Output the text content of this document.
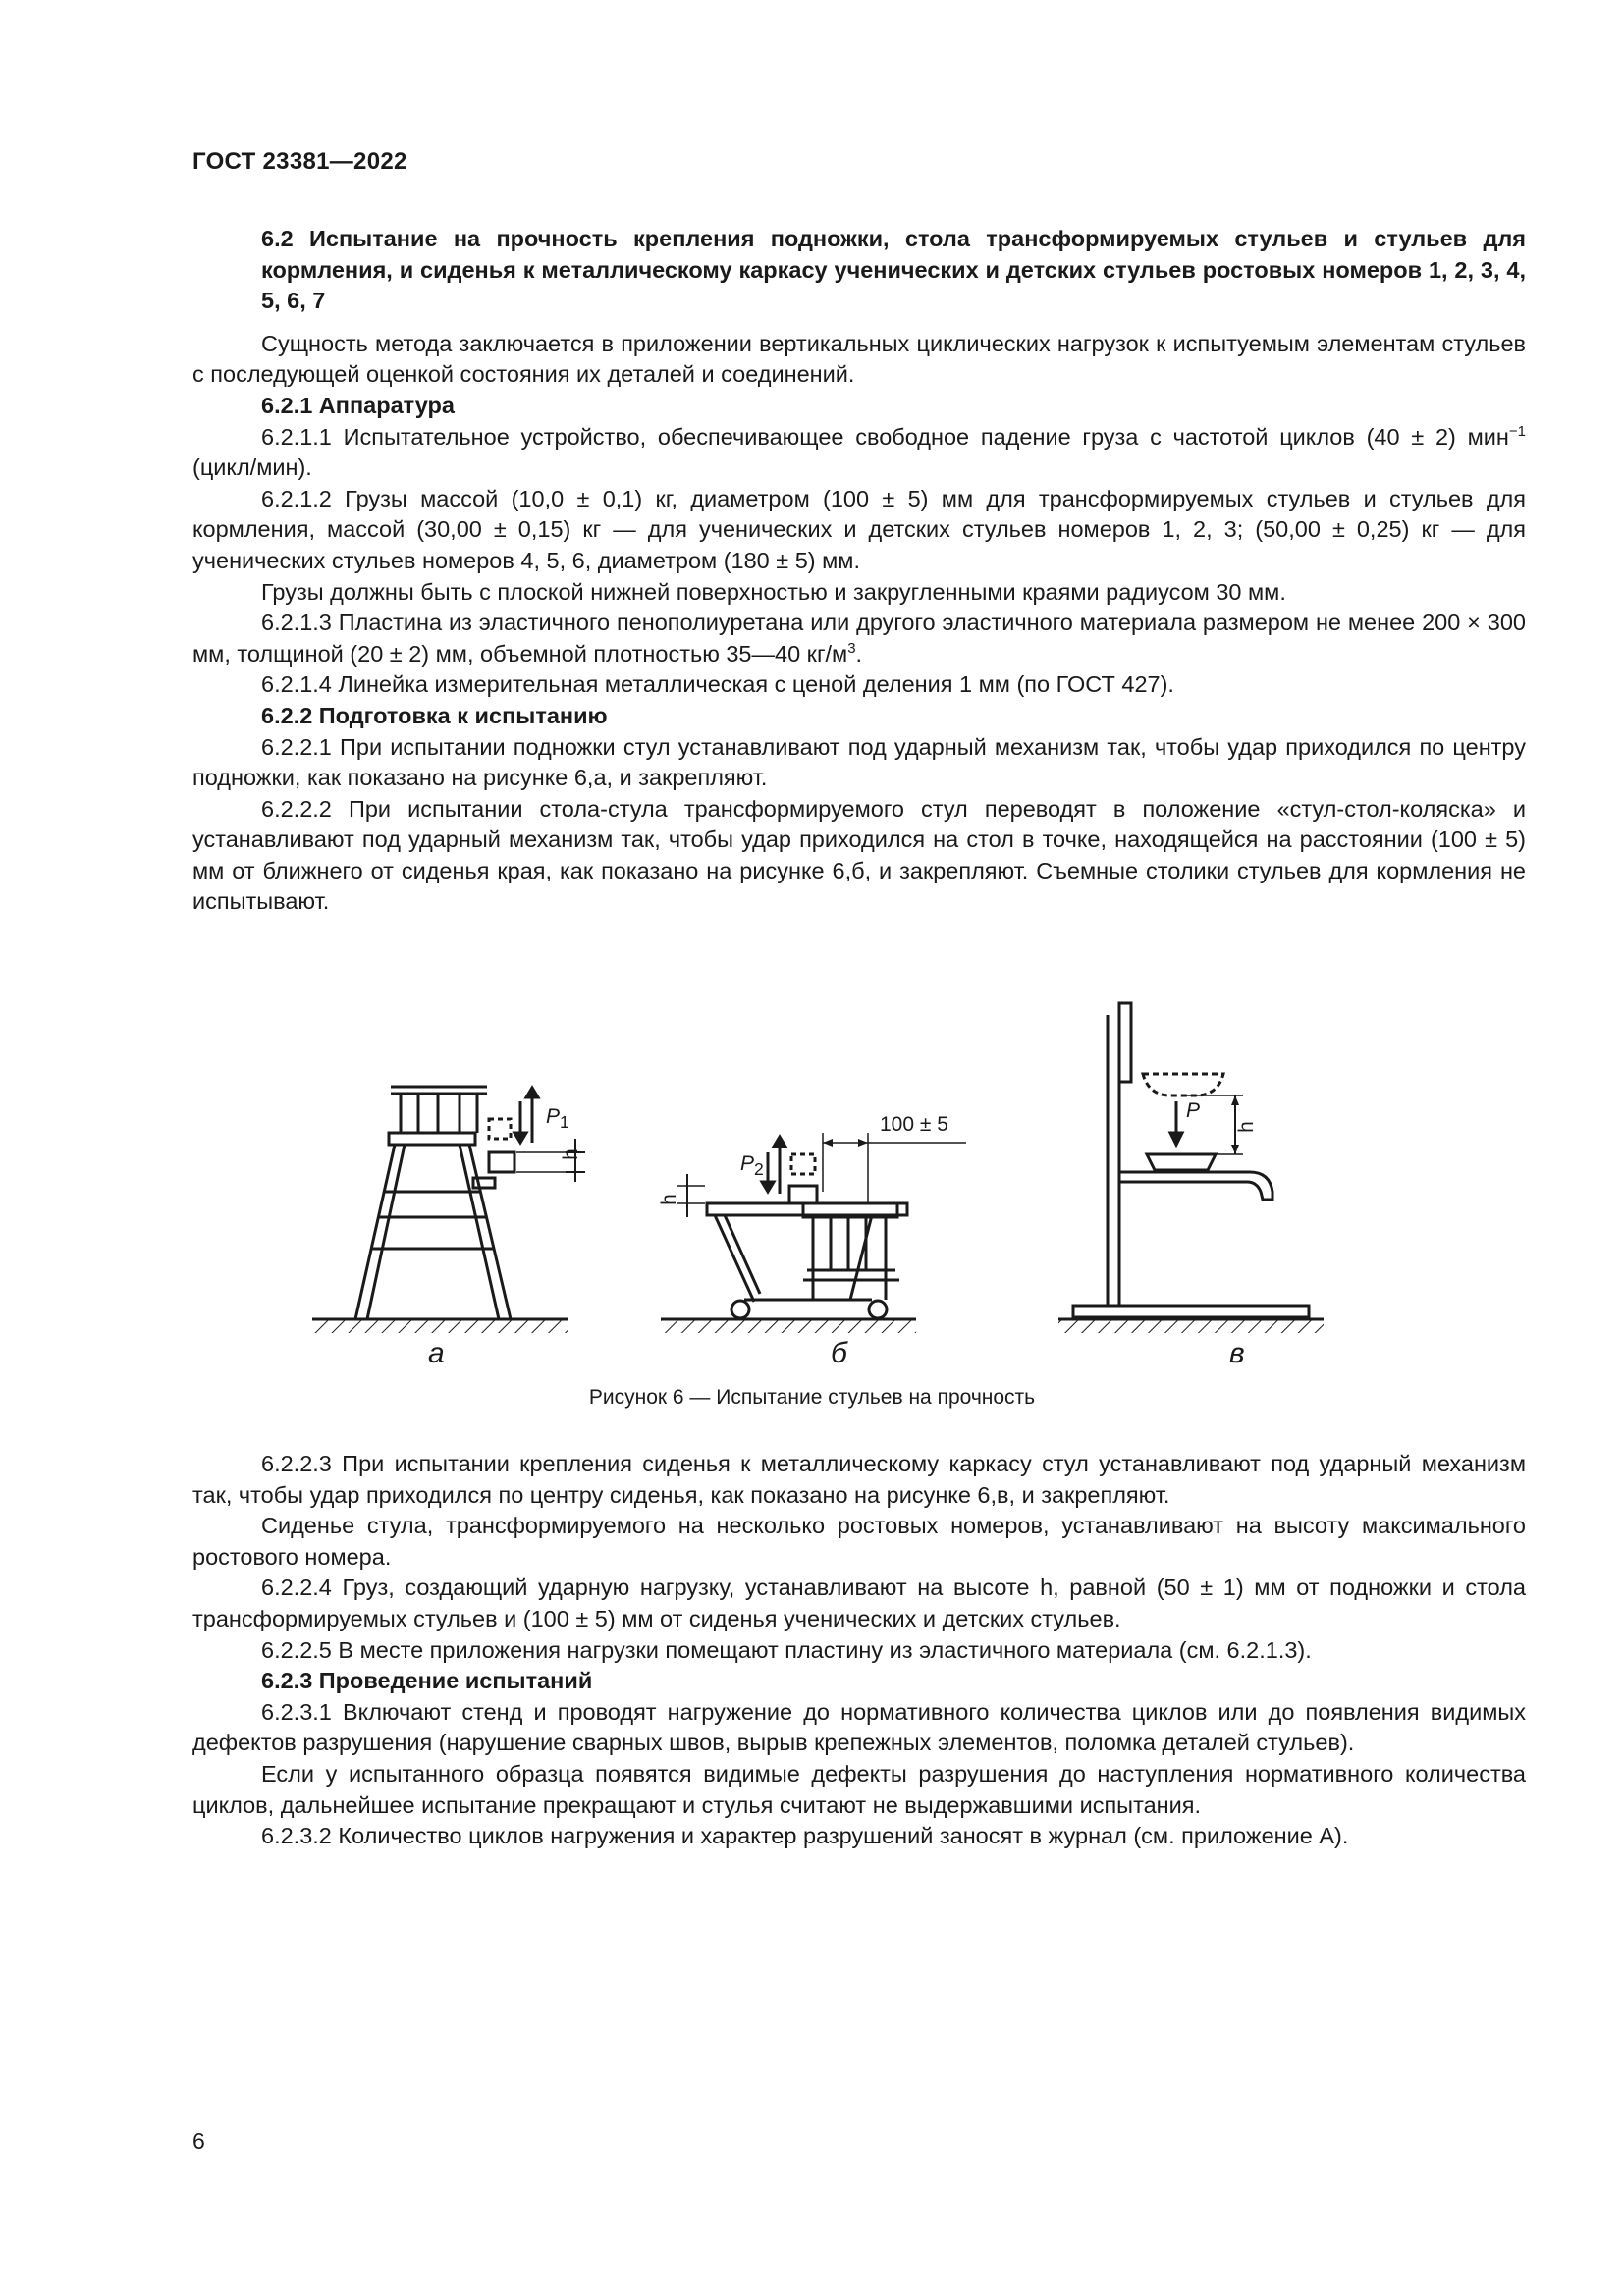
ГОСТ 23381—2022

6.2 Испытание на прочность крепления подножки, стола трансформируемых стульев и стульев для кормления, и сиденья к металлическому каркасу ученических и детских стульев ростовых номеров 1, 2, 3, 4, 5, 6, 7

Сущность метода заключается в приложении вертикальных циклических нагрузок к испытуемым элементам стульев с последующей оценкой состояния их деталей и соединений.

6.2.1 Аппаратура

6.2.1.1 Испытательное устройство, обеспечивающее свободное падение груза с частотой циклов (40 ± 2) мин$^{-1}$ (цикл/мин).

6.2.1.2 Грузы массой (10,0 ± 0,1) кг, диаметром (100 ± 5) мм для трансформируемых стульев и стульев для кормления, массой (30,00 ± 0,15) кг — для ученических и детских стульев номеров 1, 2, 3; (50,00 ± 0,25) кг — для ученических стульев номеров 4, 5, 6, диаметром (180 ± 5) мм.

Грузы должны быть с плоской нижней поверхностью и закругленными краями радиусом 30 мм.

6.2.1.3 Пластина из эластичного пенополиуретана или другого эластичного материала размером не менее 200 × 300 мм, толщиной (20 ± 2) мм, объемной плотностью 35—40 $кг/м^3$.

6.2.1.4 Линейка измерительная металлическая с ценой деления 1 мм (по ГОСТ 427).

6.2.2 Подготовка к испытанию

6.2.2.1 При испытании подножки стул устанавливают под ударный механизм так, чтобы удар приходился по центру подножки, как показано на рисунке 6,а, и закрепляют.

6.2.2.2 При испытании стола-стула трансформируемого стул переводят в положение «стул-стол-коляска» и устанавливают под ударный механизм так, чтобы удар приходился на стол в точке, находящейся на расстоянии (100 ± 5) мм от ближнего от сиденья края, как показано на рисунке 6,б, и закрепляют. Съемные столики стульев для кормления не испытывают.

$P_1$
h	$P_2$
h
100 ± 5
P
h
а	б	в
Рисунок 6 — Испытание стульев на прочность

6.2.2.3 При испытании крепления сиденья к металлическому каркасу стул устанавливают под ударный механизм так, чтобы удар приходился по центру сиденья, как показано на рисунке 6,в, и закрепляют.

Сиденье стула, трансформируемого на несколько ростовых номеров, устанавливают на высоту максимального ростового номера.

6.2.2.4 Груз, создающий ударную нагрузку, устанавливают на высоте h, равной (50 ± 1) мм от подножки и стола трансформируемых стульев и (100 ± 5) мм от сиденья ученических и детских стульев.

6.2.2.5 В месте приложения нагрузки помещают пластину из эластичного материала (см. 6.2.1.3).

6.2.3 Проведение испытаний

6.2.3.1 Включают стенд и проводят нагружение до нормативного количества циклов или до появления видимых дефектов разрушения (нарушение сварных швов, вырыв крепежных элементов, поломка деталей стульев).

Если у испытанного образца появятся видимые дефекты разрушения до наступления нормативного количества циклов, дальнейшее испытание прекращают и стулья считают не выдержавшими испытания.

6.2.3.2 Количество циклов нагружения и характер разрушений заносят в журнал (см. приложение А).

6
